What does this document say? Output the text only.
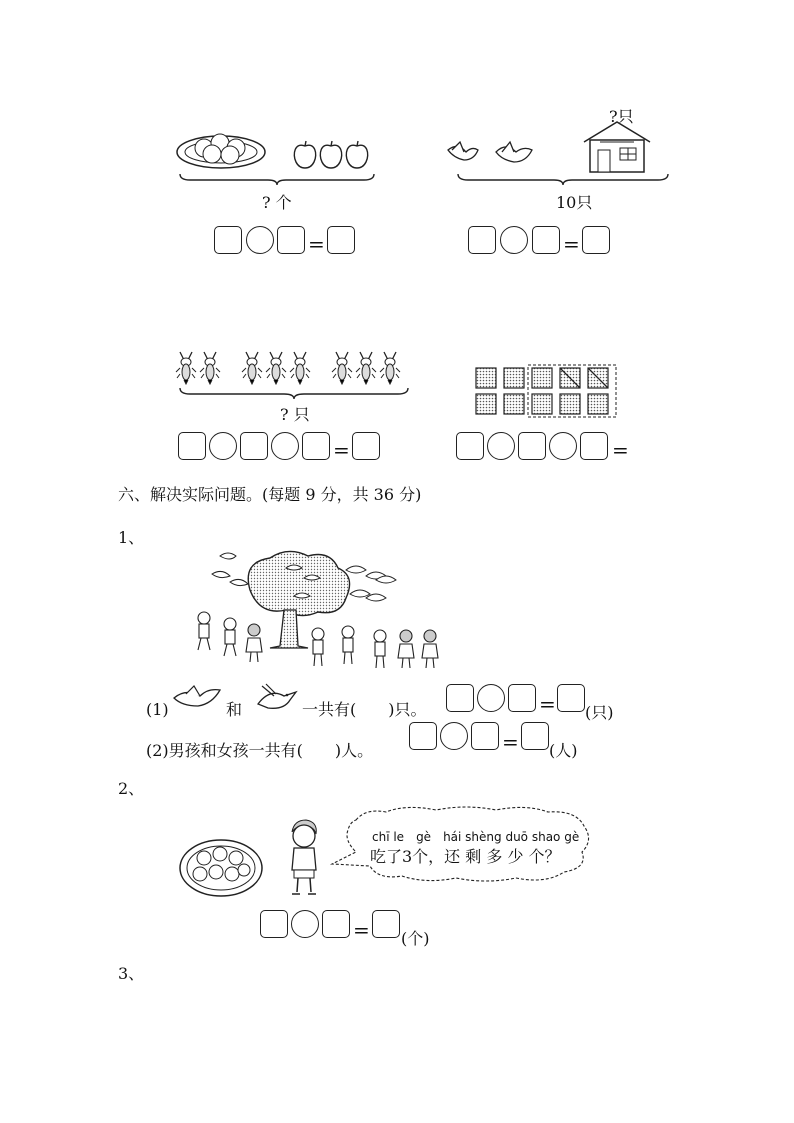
? 个
=
?只
10只
=
? 只
=	=
六、解决实际问题。(每题 9 分，共 36 分)
1、
(1)	和	一共有(　　)只。	= (只)
(2)男孩和女孩一共有(　　)人。	= (人)
2、
chī le　gè　hái shèng duō shao gè
吃了3个，还 剩 多 少 个？
= (个)
3、
